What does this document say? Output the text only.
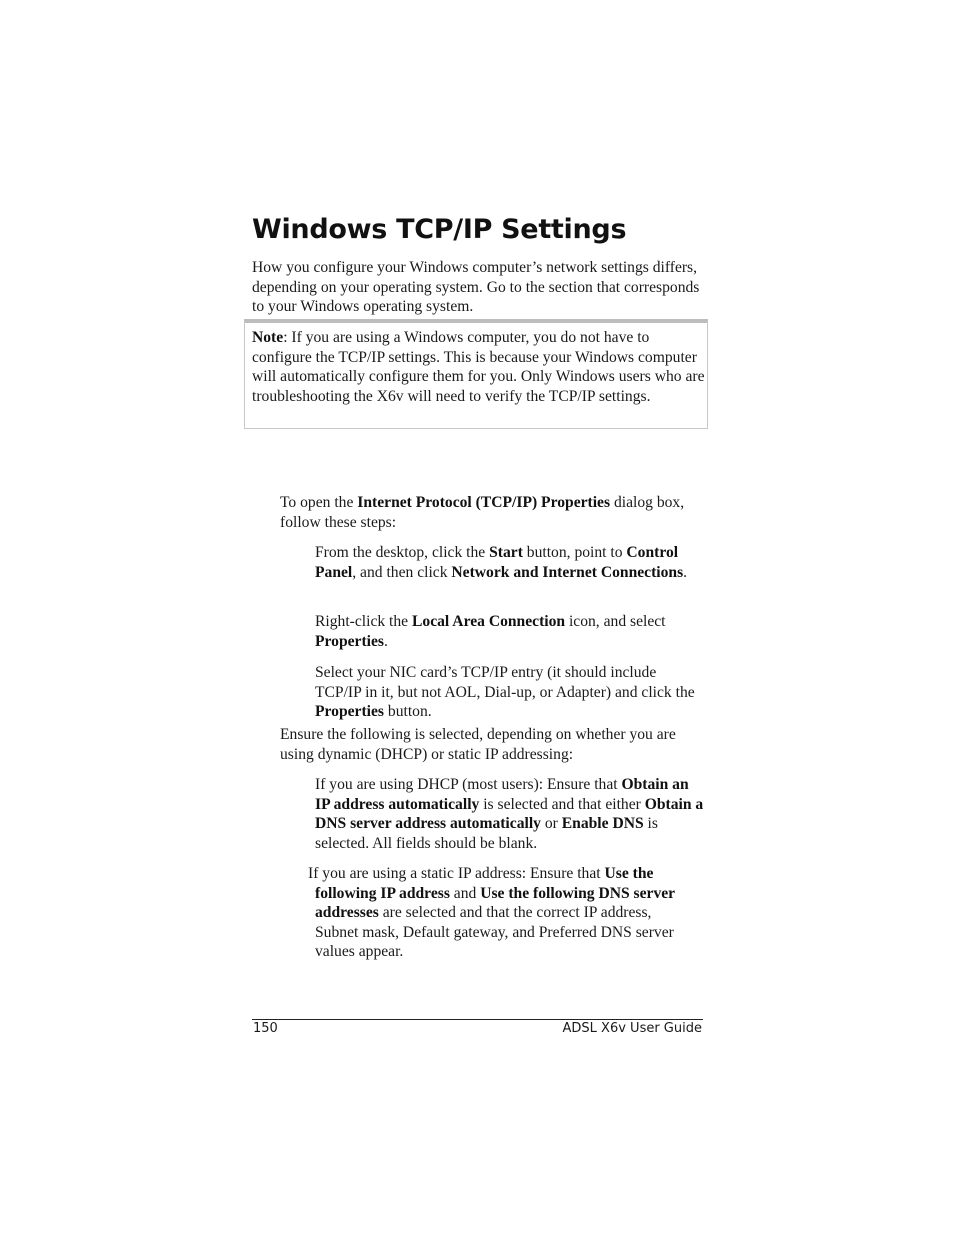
Windows TCP/IP Settings

How you configure your Windows computer’s network settings differs, depending on your operating system. Go to the section that corresponds to your Windows operating system.

Note: If you are using a Windows computer, you do not have to configure the TCP/IP settings. This is because your Windows computer will automatically configure them for you. Only Windows users who are troubleshooting the X6v will need to verify the TCP/IP settings.

To open the Internet Protocol (TCP/IP) Properties dialog box, follow these steps:

From the desktop, click the Start button, point to Control Panel, and then click Network and Internet Connections.

Right-click the Local Area Connection icon, and select Properties.

Select your NIC card’s TCP/IP entry (it should include TCP/IP in it, but not AOL, Dial-up, or Adapter) and click the Properties button.

Ensure the following is selected, depending on whether you are using dynamic (DHCP) or static IP addressing:

If you are using DHCP (most users): Ensure that Obtain an IP address automatically is selected and that either Obtain a DNS server address automatically or Enable DNS is selected. All fields should be blank.

If you are using a static IP address: Ensure that Use the
following IP address and Use the following DNS server addresses are selected and that the correct IP address, Subnet mask, Default gateway, and Preferred DNS server values appear.

150	ADSL X6v User Guide
